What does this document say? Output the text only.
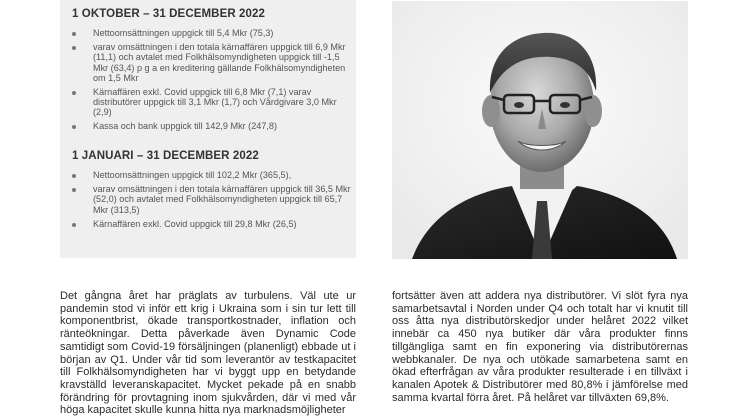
1 OKTOBER – 31 DECEMBER 2022
Nettoomsättningen uppgick till 5,4 Mkr (75,3)
varav omsättningen i den totala kärnaffären uppgick till 6,9 Mkr (11,1) och avtalet med Folkhälsomyndigheten uppgick till -1,5 Mkr (63,4) p g a en kreditering gällande Folkhälsomyndigheten om 1,5 Mkr
Kärnaffären exkl. Covid uppgick till 6,8 Mkr (7,1) varav distributörer uppgick till 3,1 Mkr (1,7) och Vårdgivare 3,0 Mkr (2,9)
Kassa och bank uppgick till 142,9 Mkr (247,8)
1 JANUARI – 31 DECEMBER 2022
Nettoomsättningen uppgick till 102,2 Mkr (365,5),
varav omsättningen i den totala kärnaffären uppgick till 36,5 Mkr (52,0) och avtalet med Folkhälsomyndigheten uppgick till 65,7 Mkr (313,5)
Kärnaffären exkl. Covid uppgick till 29,8 Mkr (26,5)

Det gångna året har präglats av turbulens. Väl ute ur pandemin stod vi inför ett krig i Ukraina som i sin tur lett till komponentbrist, ökade transportkostnader, inflation och ränteökningar. Detta påverkade även Dynamic Code samtidigt som Covid-19 försäljningen (planenligt) ebbade ut i början av Q1. Under vår tid som leverantör av testkapacitet till Folkhälsomyndigheten har vi byggt upp en betydande kravställd leveranskapacitet. Mycket pekade på en snabb förändring för provtagning inom sjukvården, där vi med vår höga kapacitet skulle kunna hitta nya marknadsmöjligheter

fortsätter även att addera nya distributörer. Vi slöt fyra nya samarbetsavtal i Norden under Q4 och totalt har vi knutit till oss åtta nya distributörskedjor under helåret 2022 vilket innebär ca 450 nya butiker där våra produkter finns tillgängliga samt en fin exponering via distributörernas webbkanaler. De nya och utökade samarbetena samt en ökad efterfrågan av våra produkter resulterade i en tillväxt i kanalen Apotek & Distributörer med 80,8% i jämförelse med samma kvartal förra året. På helåret var tillväxten 69,8%.
